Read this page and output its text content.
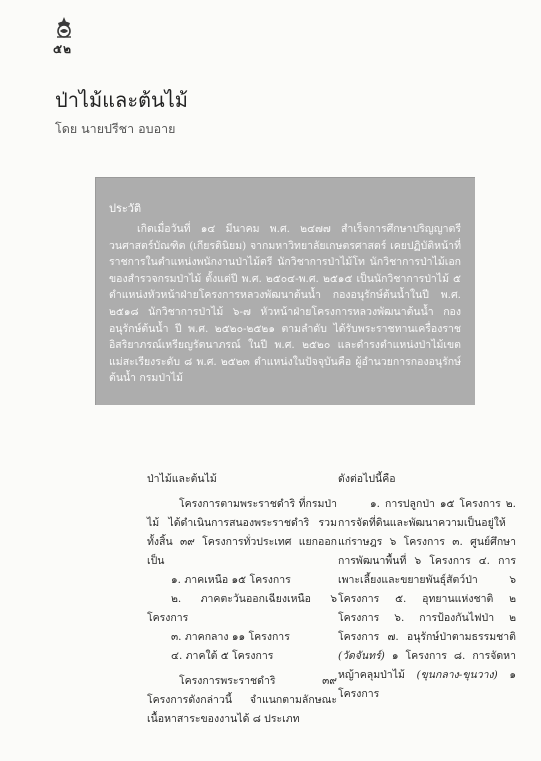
๕๒
ป่าไม้และต้นไม้
โดย นายปรีชา อบอาย
ประวัติ

เกิดเมื่อวันที่ ๑๔ มีนาคม พ.ศ. ๒๔๗๗ สำเร็จการศึกษาปริญญาตรีวนศาสตร์บัณฑิต (เกียรตินิยม) จากมหาวิทยาลัยเกษตรศาสตร์ เคยปฏิบัติหน้าที่ราชการในตำแหน่งพนักงานป่าไม้ตรี นักวิชาการป่าไม้โท นักวิชาการป่าไม้เอกของสำรวจกรมป่าไม้ ตั้งแต่ปี พ.ศ. ๒๕๐๔-พ.ศ. ๒๕๑๕ เป็นนักวิชาการป่าไม้ ๕ ตำแหน่งหัวหน้าฝ่ายโครงการหลวงพัฒนาต้นน้ำ กองอนุรักษ์ต้นน้ำในปี พ.ศ. ๒๕๑๘ นักวิชาการป่าไม้ ๖-๗ หัวหน้าฝ่ายโครงการหลวงพัฒนาต้นน้ำ กองอนุรักษ์ต้นน้ำ ปี พ.ศ. ๒๕๒๐-๒๕๒๑ ตามลำดับ ได้รับพระราชทานเครื่องราชอิสริยาภรณ์เหรียญรัตนาภรณ์ ในปี พ.ศ. ๒๕๒๐ และดำรงตำแหน่งป่าไม้เขตแม่สะเรียงระดับ ๘ พ.ศ. ๒๕๒๓ ตำแหน่งในปัจจุบันคือ ผู้อำนวยการกองอนุรักษ์ต้นน้ำ กรมป่าไม้

ป่าไม้และต้นไม้

โครงการตามพระราชดำริ ที่กรมป่าไม้ ได้ดำเนินการสนองพระราชดำริ รวมทั้งสิ้น ๓๙ โครงการทั่วประเทศ แยกออกเป็น

๑. ภาคเหนือ ๑๕ โครงการ

๒. ภาคตะวันออกเฉียงเหนือ ๖ โครงการ

๓. ภาคกลาง ๑๑ โครงการ

๔. ภาคใต้ ๕ โครงการ

โครงการพระราชดำริ ๓๙ โครงการดังกล่าวนี้ จำแนกตามลักษณะเนื้อหาสาระของงานได้ ๘ ประเภท

ดังต่อไปนี้คือ

๑. การปลูกป่า ๑๕ โครงการ ๒. การจัดที่ดินและพัฒนาความเป็นอยู่ให้แก่ราษฎร ๖ โครงการ ๓. ศูนย์ศึกษาการพัฒนาพื้นที่ ๖ โครงการ ๔. การเพาะเลี้ยงและขยายพันธุ์สัตว์ป่า ๖ โครงการ ๕. อุทยานแห่งชาติ ๒ โครงการ ๖. การป้องกันไฟป่า ๒ โครงการ ๗. อนุรักษ์ป่าตามธรรมชาติ (วัดจันทร์) ๑ โครงการ ๘. การจัดหาหญ้าคลุมป่าไม้ (ขุนกลาง-ขุนวาง) ๑ โครงการ
